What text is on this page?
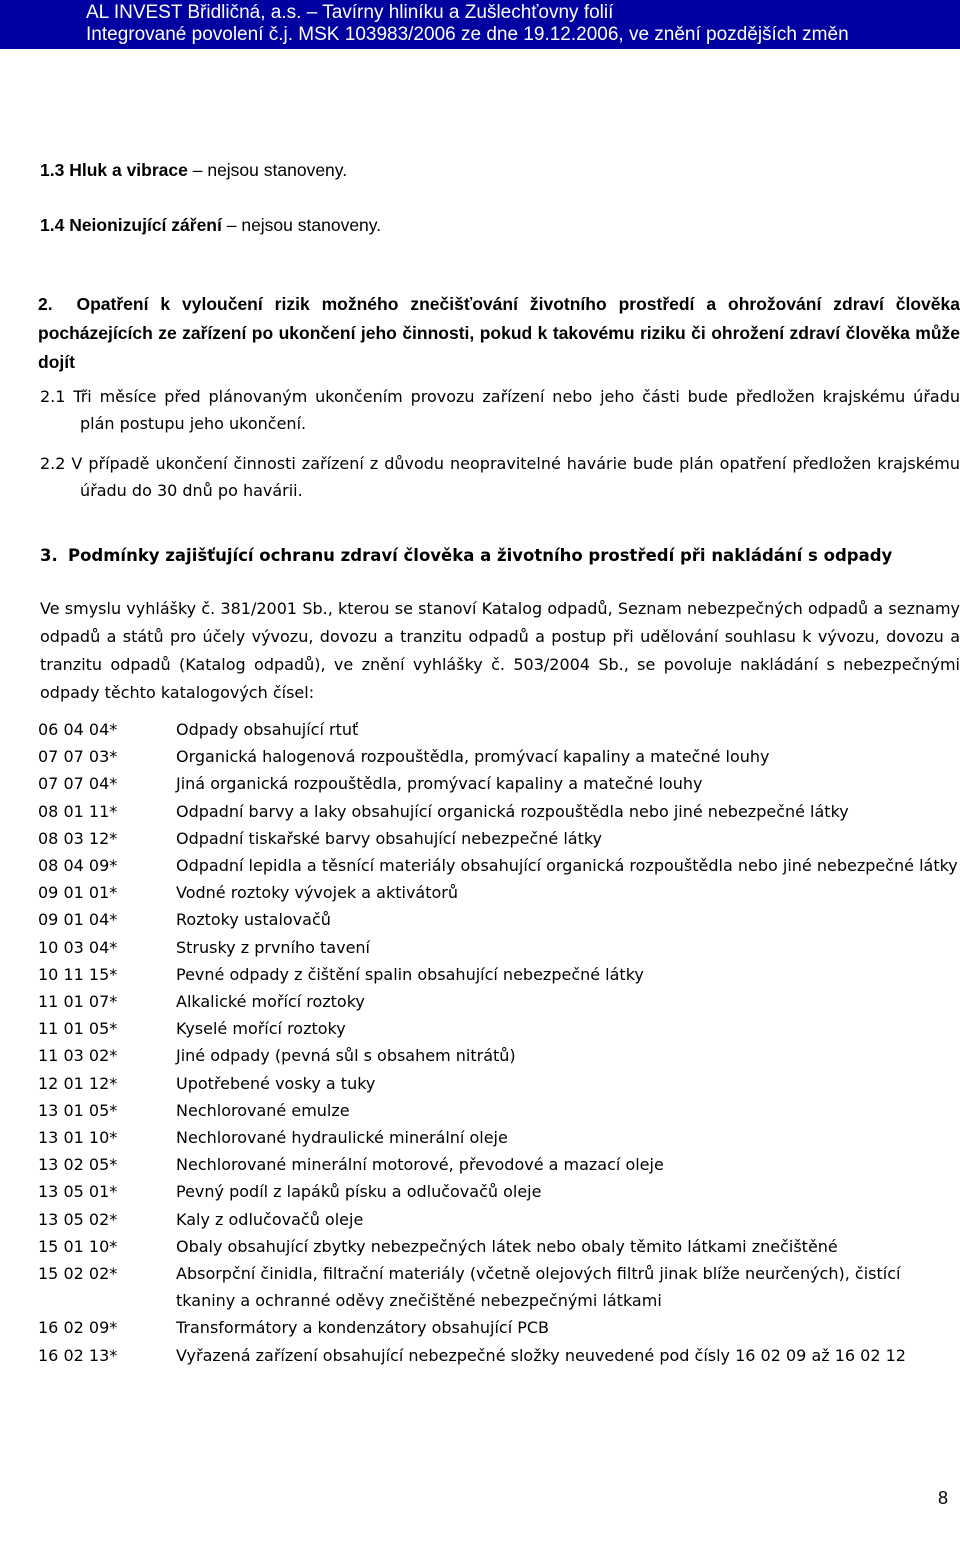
AL INVEST Břidličná, a.s. – Tavírny hliníku a Zušlechťovny folií
Integrované povolení č.j. MSK 103983/2006 ze dne 19.12.2006, ve znění pozdějších změn
1.3 Hluk a vibrace – nejsou stanoveny.
1.4 Neionizující záření – nejsou stanoveny.
2. Opatření k vyloučení rizik možného znečišťování životního prostředí a ohrožování zdraví člověka pocházejících ze zařízení po ukončení jeho činnosti, pokud k takovému riziku či ohrožení zdraví člověka může dojít
2.1 Tři měsíce před plánovaným ukončením provozu zařízení nebo jeho části bude předložen krajskému úřadu plán postupu jeho ukončení.
2.2 V případě ukončení činnosti zařízení z důvodu neopravitelné havárie bude plán opatření předložen krajskému úřadu do 30 dnů po havárii.
3. Podmínky zajišťující ochranu zdraví člověka a životního prostředí při nakládání s odpady
Ve smyslu vyhlášky č. 381/2001 Sb., kterou se stanoví Katalog odpadů, Seznam nebezpečných odpadů a seznamy odpadů a států pro účely vývozu, dovozu a tranzitu odpadů a postup při udělování souhlasu k vývozu, dovozu a tranzitu odpadů (Katalog odpadů), ve znění vyhlášky č. 503/2004 Sb., se povoluje nakládání s nebezpečnými odpady těchto katalogových čísel:
06 04 04*	Odpady obsahující rtuť
07 07 03*	Organická halogenová rozpouštědla, promývací kapaliny a matečné louhy
07 07 04*	Jiná organická rozpouštědla, promývací kapaliny a matečné louhy
08 01 11*	Odpadní barvy a laky obsahující organická rozpouštědla nebo jiné nebezpečné látky
08 03 12*	Odpadní tiskařské barvy obsahující nebezpečné látky
08 04 09*	Odpadní lepidla a těsnící materiály obsahující organická rozpouštědla nebo jiné nebezpečné látky
09 01 01*	Vodné roztoky vývojek a aktivátorů
09 01 04*	Roztoky ustalovačů
10 03 04*	Strusky z prvního tavení
10 11 15*	Pevné odpady z čištění spalin obsahující nebezpečné látky
11 01 07*	Alkalické mořící roztoky
11 01 05*	Kyselé mořící roztoky
11 03 02*	Jiné odpady (pevná sůl s obsahem nitrátů)
12 01 12*	Upotřebené vosky a tuky
13 01 05*	Nechlorované emulze
13 01 10*	Nechlorované hydraulické minerální oleje
13 02 05*	Nechlorované minerální motorové, převodové a mazací oleje
13 05 01*	Pevný podíl z lapáků písku a odlučovačů oleje
13 05 02*	Kaly z odlučovačů oleje
15 01 10*	Obaly obsahující zbytky nebezpečných látek nebo obaly těmito látkami znečištěné
15 02 02*	Absorpční činidla, filtrační materiály (včetně olejových filtrů jinak blíže neurčených), čistící tkaniny a ochranné oděvy znečištěné nebezpečnými látkami
16 02 09*	Transformátory a kondenzátory obsahující PCB
16 02 13*	Vyřazená zařízení obsahující nebezpečné složky neuvedené pod čísly 16 02 09 až 16 02 12
8
